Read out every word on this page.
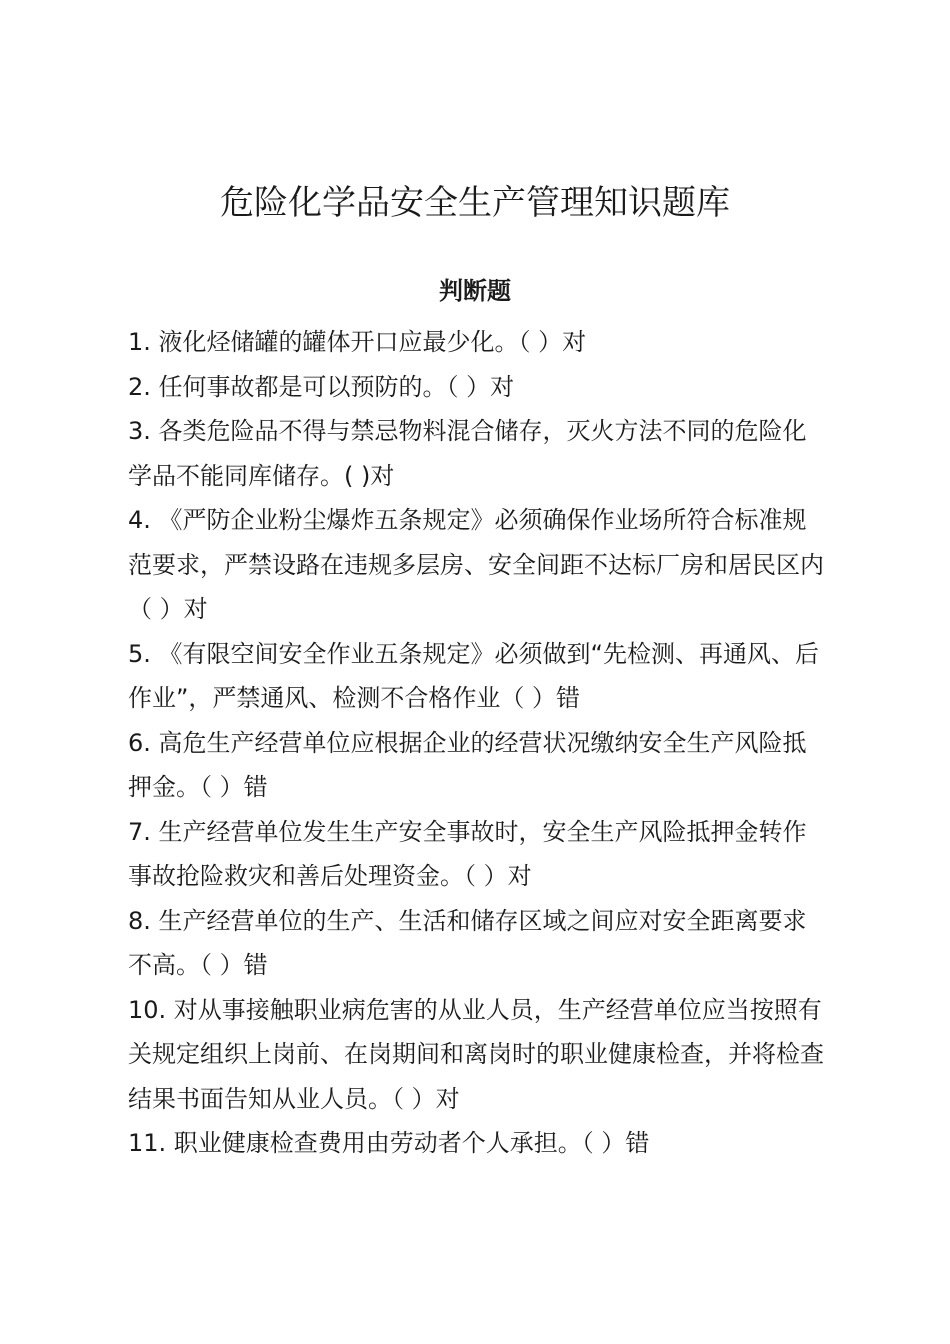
危险化学品安全生产管理知识题库
判断题
1. 液化烃储罐的罐体开口应最少化。（ ）对
2. 任何事故都是可以预防的。（ ）对
3. 各类危险品不得与禁忌物料混合储存，灭火方法不同的危险化学品不能同库储存。( )对
4. 《严防企业粉尘爆炸五条规定》必须确保作业场所符合标准规范要求，严禁设路在违规多层房、安全间距不达标厂房和居民区内（ ）对
5. 《有限空间安全作业五条规定》必须做到“先检测、再通风、后作业”，严禁通风、检测不合格作业（ ）错
6. 高危生产经营单位应根据企业的经营状况缴纳安全生产风险抵押金。（ ）错
7. 生产经营单位发生生产安全事故时，安全生产风险抵押金转作事故抢险救灾和善后处理资金。（ ）对
8. 生产经营单位的生产、生活和储存区域之间应对安全距离要求不高。（ ）错
10. 对从事接触职业病危害的从业人员，生产经营单位应当按照有关规定组织上岗前、在岗期间和离岗时的职业健康检查，并将检查结果书面告知从业人员。（ ）对
11. 职业健康检查费用由劳动者个人承担。（ ）错
